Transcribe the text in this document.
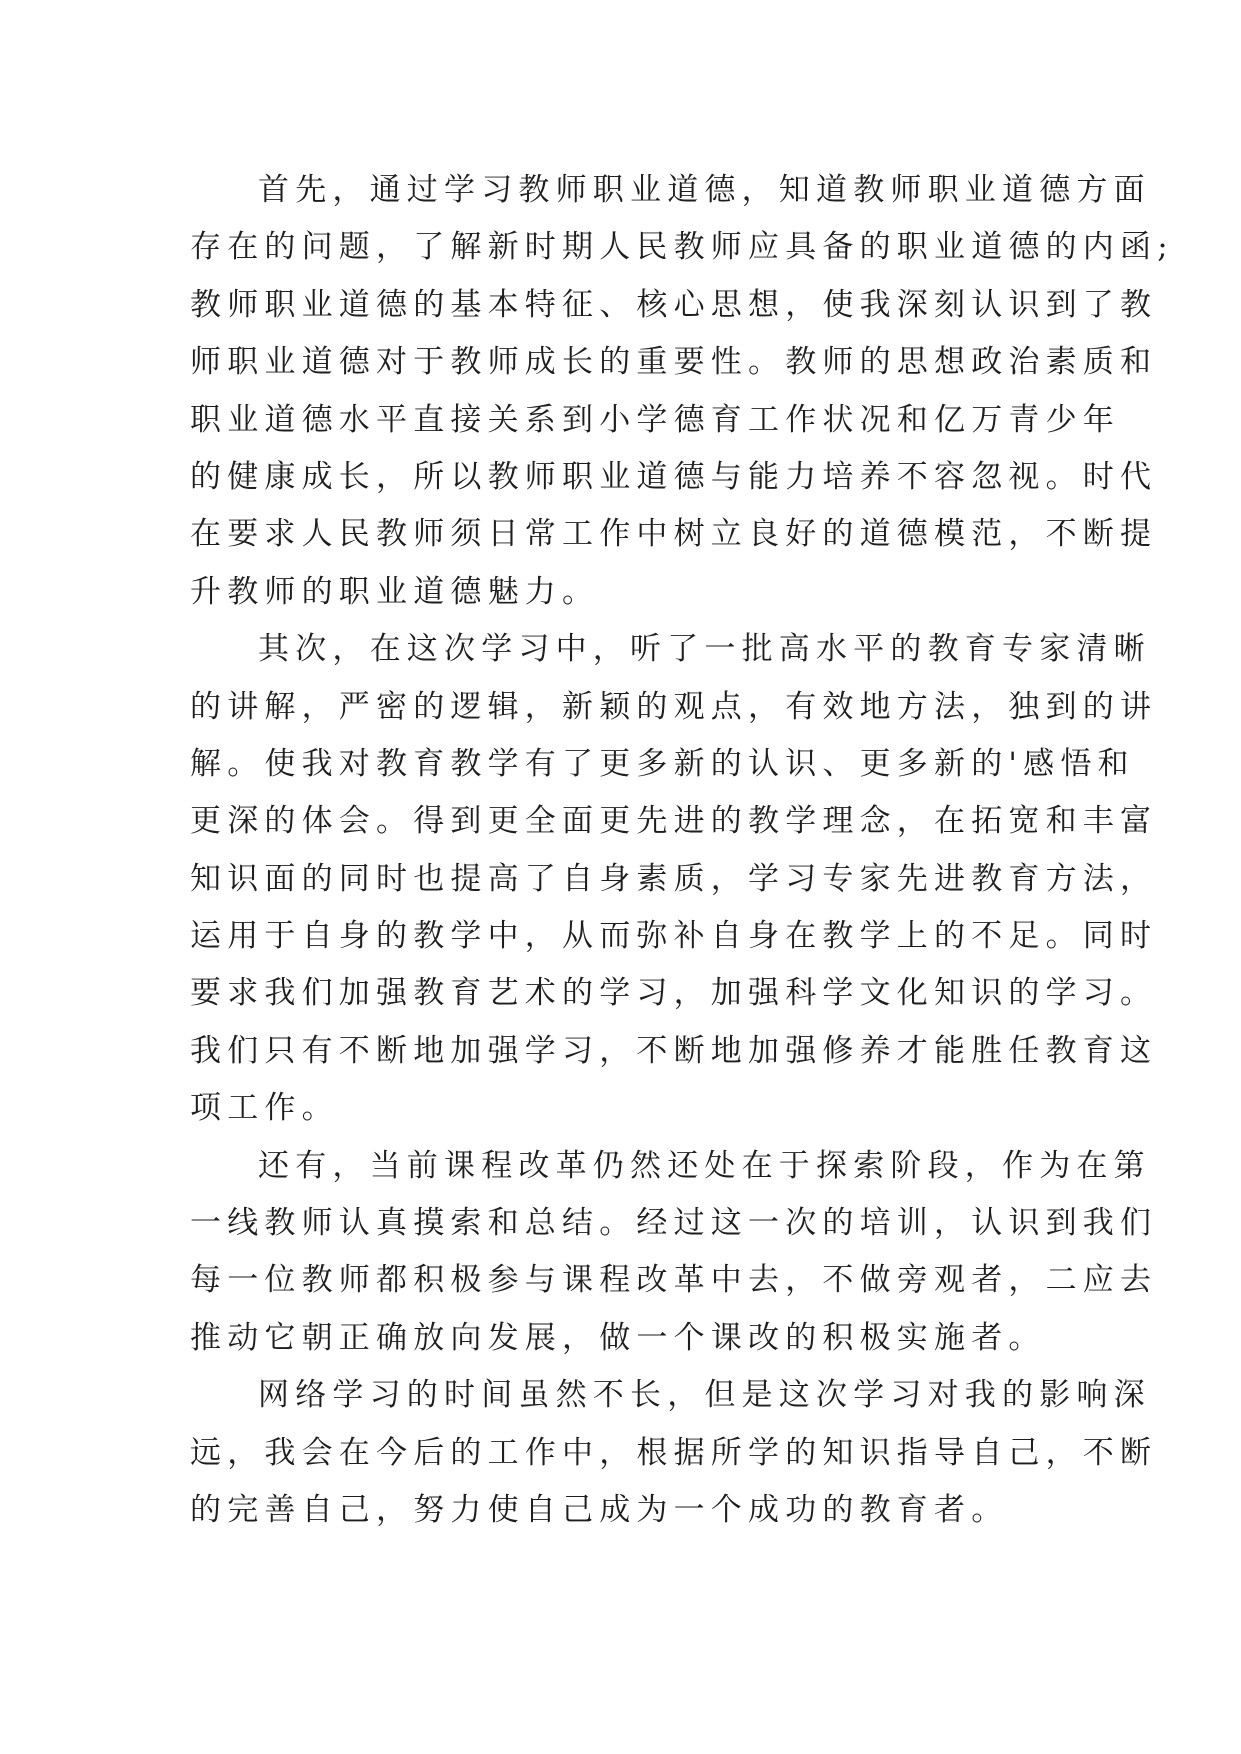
首先，通过学习教师职业道德，知道教师职业道德方面
存在的问题，了解新时期人民教师应具备的职业道德的内函;
教师职业道德的基本特征、核心思想，使我深刻认识到了教
师职业道德对于教师成长的重要性。教师的思想政治素质和
职业道德水平直接关系到小学德育工作状况和亿万青少年
的健康成长，所以教师职业道德与能力培养不容忽视。时代
在要求人民教师须日常工作中树立良好的道德模范，不断提
升教师的职业道德魅力。
其次，在这次学习中，听了一批高水平的教育专家清晰
的讲解，严密的逻辑，新颖的观点，有效地方法，独到的讲
解。使我对教育教学有了更多新的认识、更多新的'感悟和
更深的体会。得到更全面更先进的教学理念，在拓宽和丰富
知识面的同时也提高了自身素质，学习专家先进教育方法，
运用于自身的教学中，从而弥补自身在教学上的不足。同时
要求我们加强教育艺术的学习，加强科学文化知识的学习。
我们只有不断地加强学习，不断地加强修养才能胜任教育这
项工作。
还有，当前课程改革仍然还处在于探索阶段，作为在第
一线教师认真摸索和总结。经过这一次的培训，认识到我们
每一位教师都积极参与课程改革中去，不做旁观者，二应去
推动它朝正确放向发展，做一个课改的积极实施者。
网络学习的时间虽然不长，但是这次学习对我的影响深
远，我会在今后的工作中，根据所学的知识指导自己，不断
的完善自己，努力使自己成为一个成功的教育者。
